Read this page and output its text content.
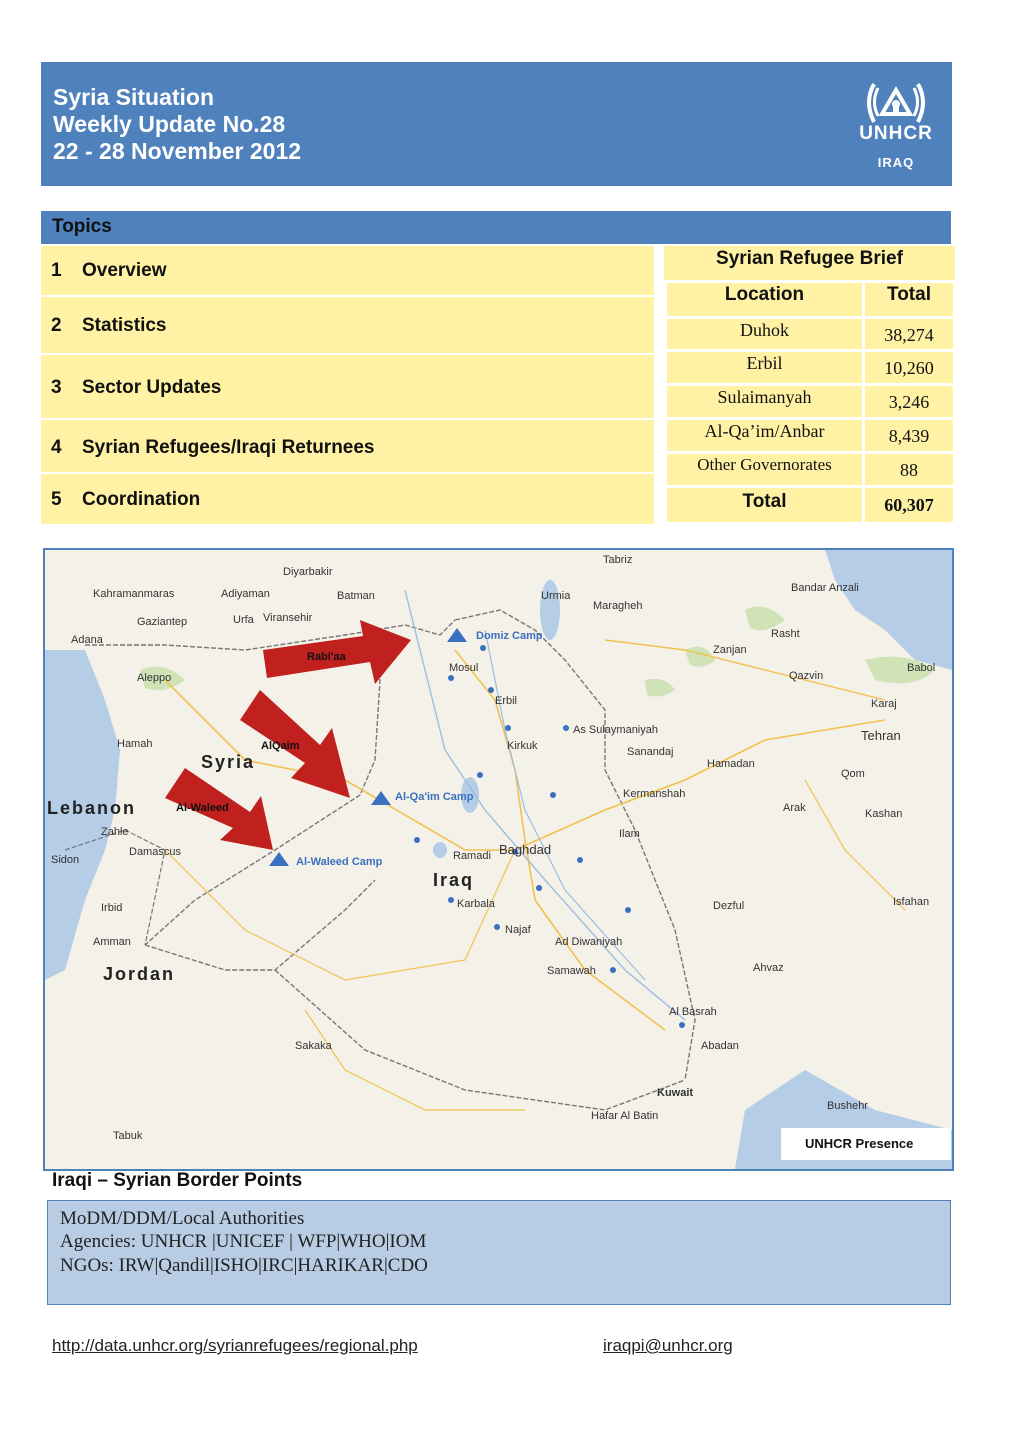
Syria Situation
Weekly Update No.28
22 - 28 November 2012
UNHCR
IRAQ
Topics
1 Overview
2 Statistics
3 Sector Updates
4 Syrian Refugees/Iraqi Returnees
5 Coordination
Syrian Refugee Brief
Location	Total
Duhok	38,274
Erbil	10,260
Sulaimanyah	3,246
Al-Qa’im/Anbar	8,439
Other Governorates	88
Total	60,307
Syria
Iraq
Lebanon
Jordan
Domiz Camp
Al-Qa'im Camp
Al-Waleed Camp
Rabi'aa
AlQaim
Al-Waleed
Diyarbakir
Kahramanmaras	Adiyaman	Batman
Gaziantep	Urfa Viransehir
Adana
Aleppo
Hamah
Damascus
Zahle
Sidon
Amman
Irbid
Mosul
Erbil
Kirkuk
As Sulaymaniyah
Baghdad
Karbala
Najaf
Ad Diwaniyah
Samawah
Al Basrah
Kuwait
Tabriz
Urmia
Maragheh
Zanjan
Qazvin
Rasht
Bandar Anzali
Babol
Tehran
Karaj
Qom
Hamadan
Sanandaj
Kermanshah
Ilam
Arak	Kashan
Dezful	Isfahan
Ahvaz
Abadan
Bushehr
Tabuk
Sakaka
Ramadi
Hafar Al Batin
UNHCR Presence
Iraqi – Syrian Border Points
MoDM/DDM/Local Authorities
Agencies: UNHCR |UNICEF | WFP|WHO|IOM
NGOs: IRW|Qandil|ISHO|IRC|HARIKAR|CDO
http://data.unhcr.org/syrianrefugees/regional.php	iraqpi@unhcr.org
